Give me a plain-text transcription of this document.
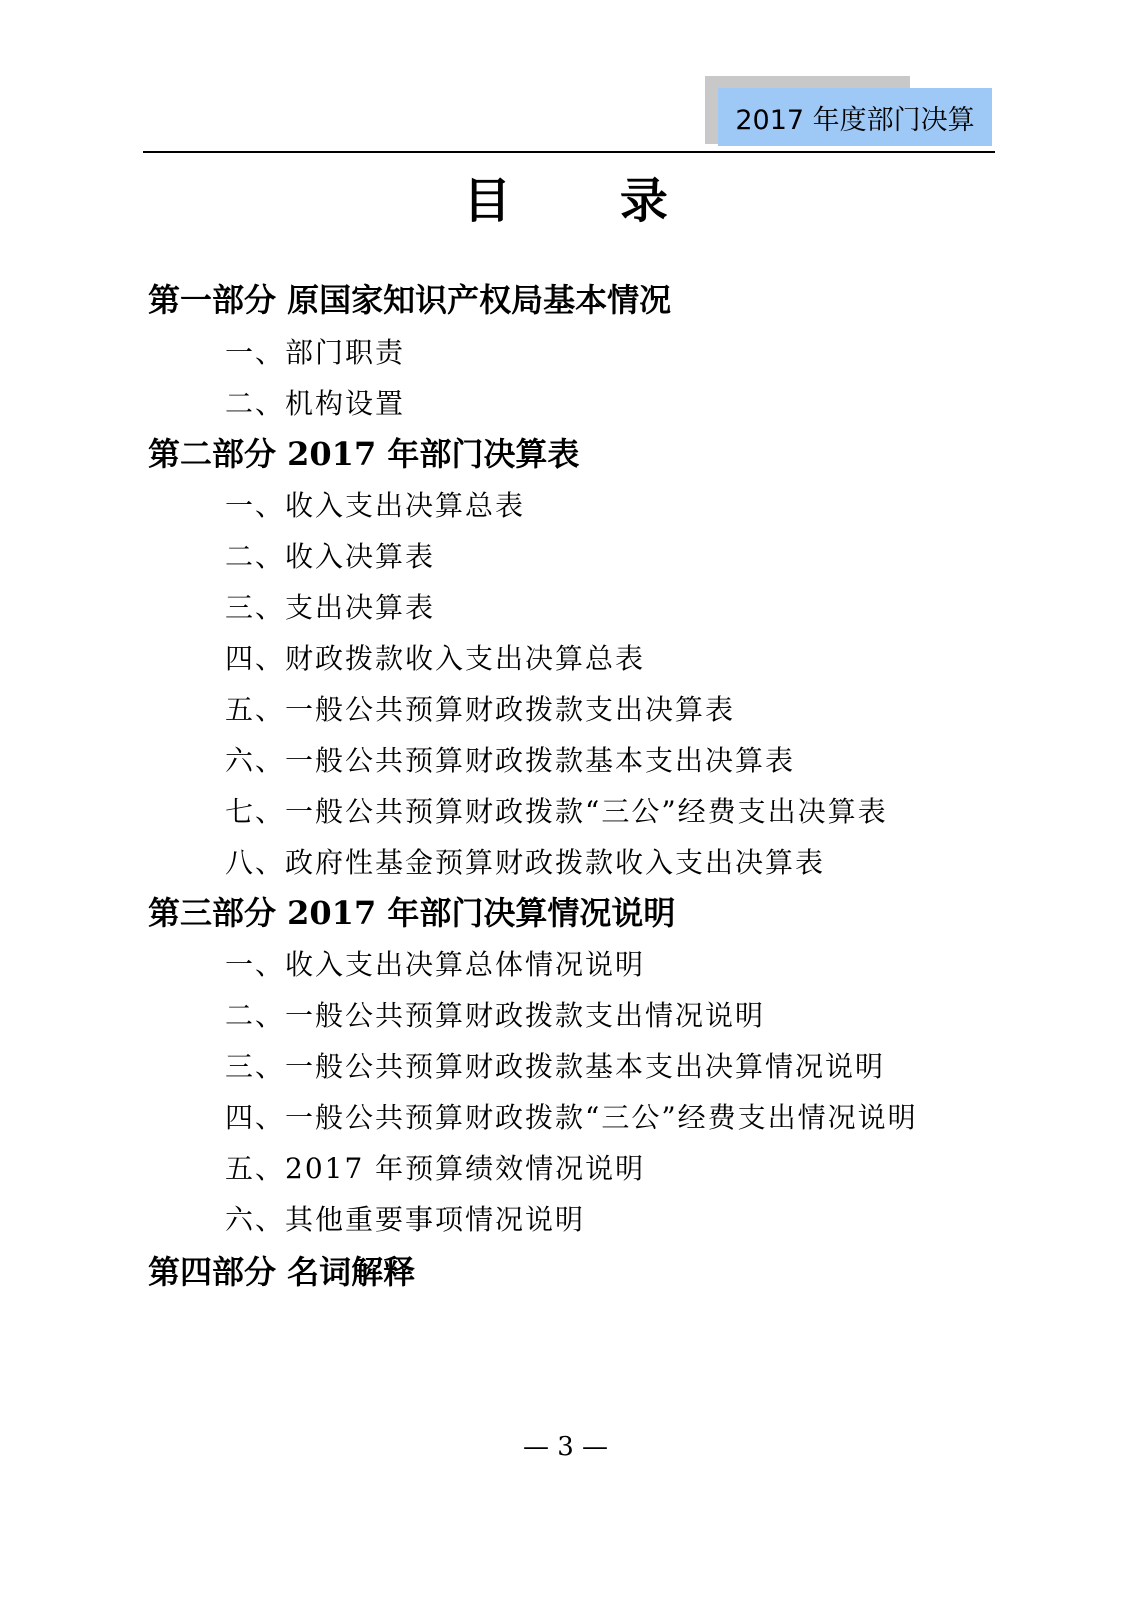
2017 年度部门决算
目 录
第一部分 原国家知识产权局基本情况
一、部门职责
二、机构设置
第二部分 2017 年部门决算表
一、收入支出决算总表
二、收入决算表
三、支出决算表
四、财政拨款收入支出决算总表
五、一般公共预算财政拨款支出决算表
六、一般公共预算财政拨款基本支出决算表
七、一般公共预算财政拨款“三公”经费支出决算表
八、政府性基金预算财政拨款收入支出决算表
第三部分 2017 年部门决算情况说明
一、收入支出决算总体情况说明
二、一般公共预算财政拨款支出情况说明
三、一般公共预算财政拨款基本支出决算情况说明
四、一般公共预算财政拨款“三公”经费支出情况说明
五、2017 年预算绩效情况说明
六、其他重要事项情况说明
第四部分 名词解释
— 3 —
